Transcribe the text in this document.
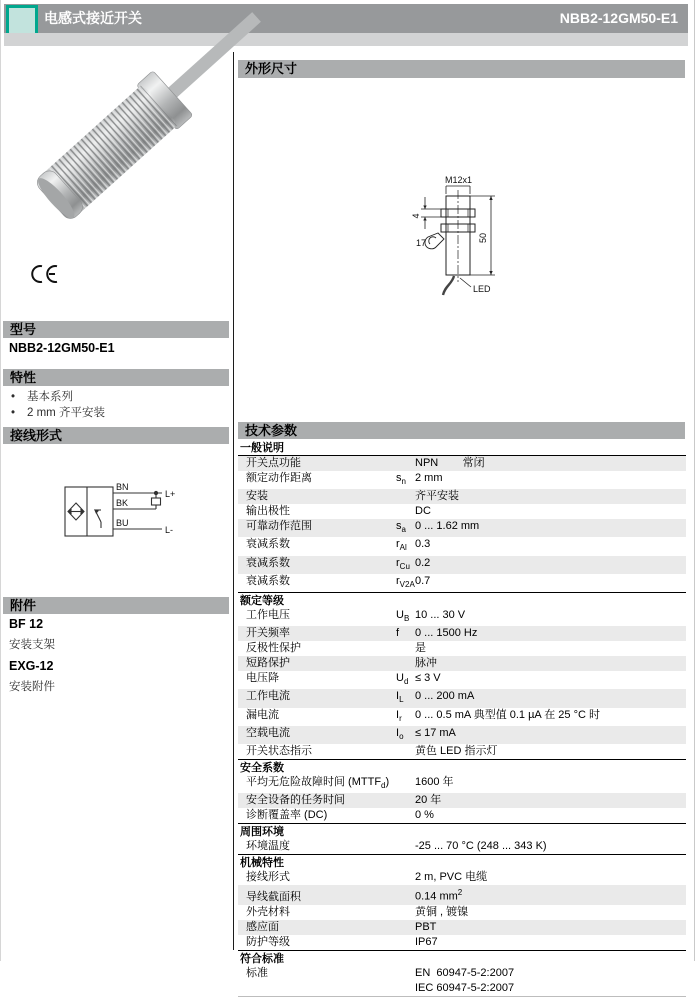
电感式接近开关	NBB2-12GM50-E1
型号
NBB2-12GM50-E1
特性
•	基本系列
•	2 mm 齐平安装
接线形式
BN
BK
BU
L+
L-
附件
BF 12
安装支架
EXG-12
安装附件
外形尺寸
M12x1
4
17	50
LED
技术参数
一般说明
开关点功能	NPN        常闭
额定动作距离	$s_n$ 2 mm
安装	齐平安装
输出极性	DC
可靠动作范围	$s_a$ 0 ... 1.62 mm
衰减系数	$r_{Al}$ 0.3
衰减系数	$r_{Cu}$ 0.2
衰减系数	$r_{V2A}$ 0.7
额定等级
工作电压	$U_B$ 10 ... 30 V
开关频率	f	0 ... 1500 Hz
反极性保护	是
短路保护	脉冲
电压降	$U_d \le 3$ V
工作电流	$I_L$	0 ... 200 mA
漏电流	$I_r$	0 ... 0.5 mA 典型值 0.1 µA 在 25 °C 时
空载电流	$I_o$	≤ 17 mA
开关状态指示	黄色 LED 指示灯
安全系数
平均无危险故障时间 $(MTTF_d)$	1600 年
安全设备的任务时间	20 年
诊断覆盖率 (DC)	0 %
周围环境
环境温度	-25 ... 70 °C (248 ... 343 K)
机械特性
接线形式	2 m, PVC 电缆
导线截面积	0.14 $mm^2$
外壳材料	黄铜 , 镀镍
感应面	PBT
防护等级	IP67
符合标准
标准	EN  60947-5-2:2007
IEC 60947-5-2:2007
